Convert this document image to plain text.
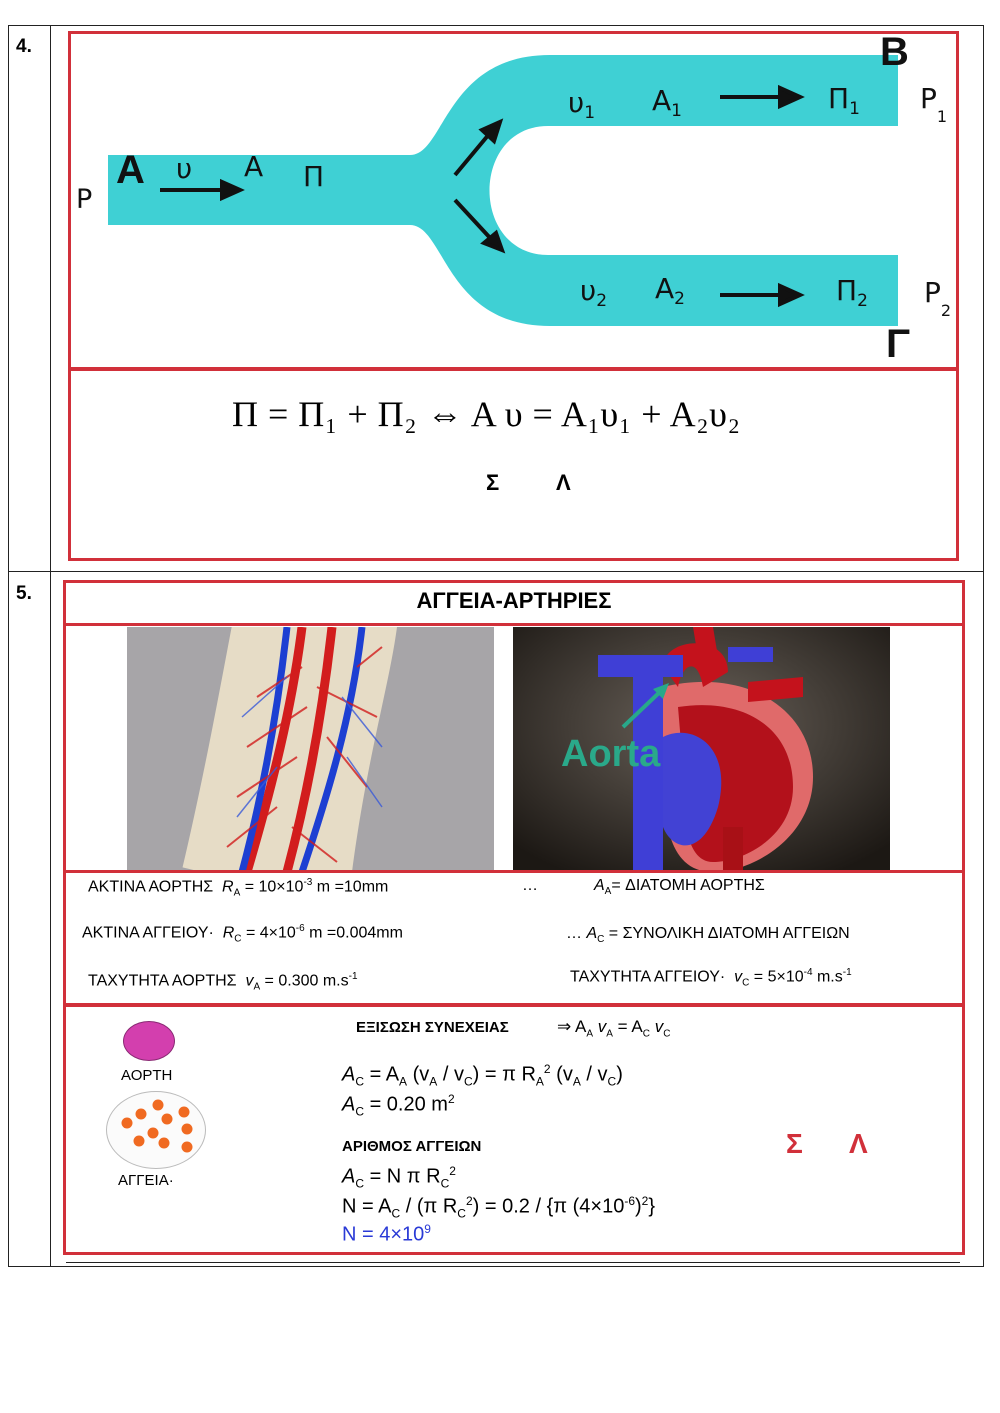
4.
A
P
υ A Π
B
$\upsilon_1$ $A_1$	$\Pi_1$ $P_1$
$\upsilon_2$ $A_2$	$\Pi_2$ $P_2$
Γ
Π = Π₁ + Π₂ ⇔ Α υ = Α₁υ₁ + Α₂υ₂
Σ	Λ
5.	ΑΓΓΕΙΑ-ΑΡΤΗΡΙΕΣ
Aorta
ΑΚΤΙΝΑ ΑΟΡΤΗΣ $R_A = 10\times 10^{-3}$ m =10mm	…	$A_A= \Delta IATOMH$ ΑΟΡΤΗΣ
ΑΚΤΙΝΑ $A\Gamma\Gamma EIO\Upsilon\cdot R_C = 4\times 10^{-6}$ m =0.004mm	… $A_C = \Sigma\Upsilon NO\Lambda IKH$ ΔΙΑΤΟΜΗ ΑΓΓΕΙΩΝ
ΤΑΧΥΤΗΤΑ ΑΟΡΤΗΣ $v_A = 0.300$ $m.s^{-1}$	ΤΑΧΥΤΗΤΑ $A\Gamma\Gamma EIO\Upsilon\cdot v_C = 5\times 10^{-4}$ $m.s^{-1}$
ΑΟΡΤΗ
ΑΓΓΕΙΑ·
ΕΞΙΣΩΣΗ ΣΥΝΕΧΕΙΑΣ	⇒ $A_A$ $v_A = A_C$ $v_C$
$A_C = A_A$ $(v_A / v_C) = \pi$ $R_A^2$ $(v_A / v_C)$
$A_C = 0.20$ $m^2$
ΑΡΙΘΜΟΣ ΑΓΓΕΙΩΝ
$A_C = N$ π $R_C^2$
$N = A_C / (\pi$ $R_C^2) = 0.2 / \{\pi$ $(4\times 10^{-6})^2$}
$N = 4\times 10^9$
Σ Λ
